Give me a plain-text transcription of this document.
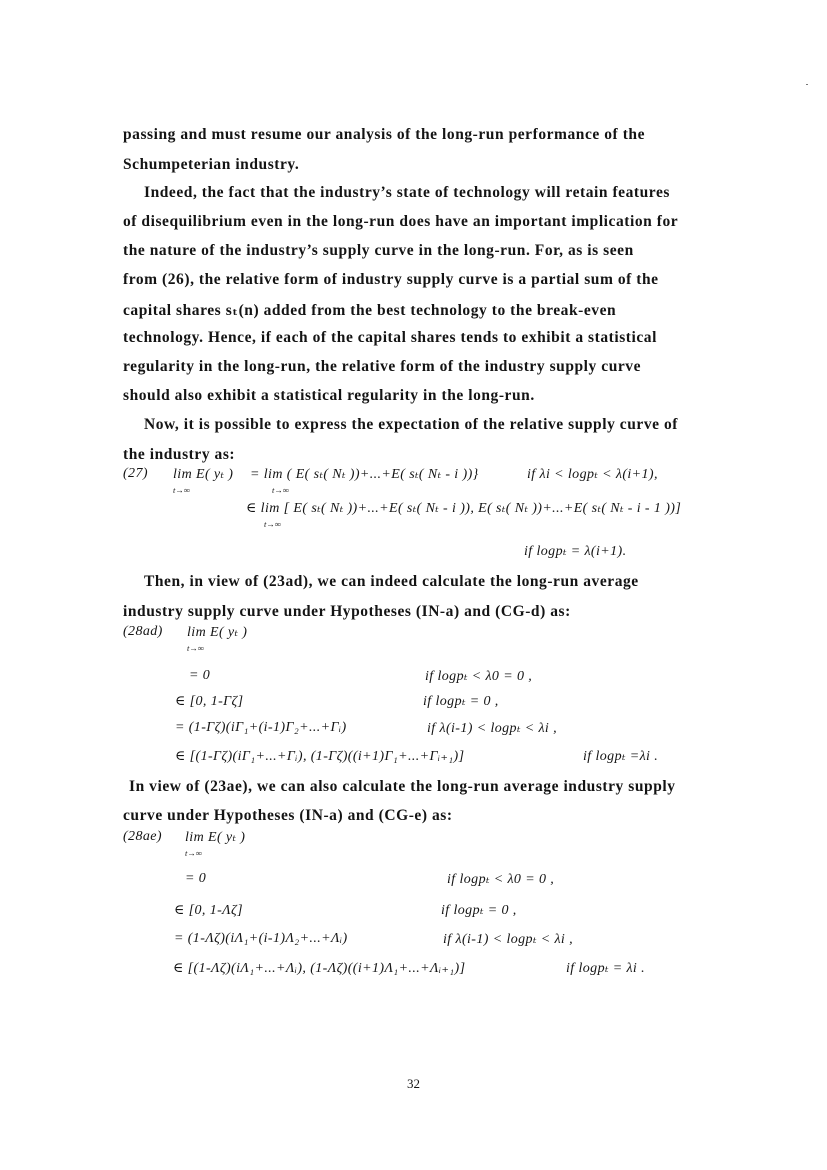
passing and must resume our analysis of the long-run performance of the
Schumpeterian industry.
Indeed, the fact that the industry’s state of technology will retain features
of disequilibrium even in the long-run does have an important implication for
the nature of the industry’s supply curve in the long-run. For, as is seen
from (26), the relative form of industry supply curve is a partial sum of the
capital shares sₜ(n) added from the best technology to the break-even
technology. Hence, if each of the capital shares tends to exhibit a statistical
regularity in the long-run, the relative form of the industry supply curve
should also exhibit a statistical regularity in the long-run.
Now, it is possible to express the expectation of the relative supply curve of
the industry as:
(27) lim E( yₜ )
t→∞
= lim ( E( sₜ( Nₜ ))+...+E( sₜ( Nₜ - i ))}
t→∞
if λi < logpₜ < λ(i+1),
∈ lim [ E( sₜ( Nₜ ))+...+E( sₜ( Nₜ - i )), E( sₜ( Nₜ ))+...+E( sₜ( Nₜ - i - 1 ))]
t→∞
if logpₜ = λ(i+1).
Then, in view of (23ad), we can indeed calculate the long-run average
industry supply curve under Hypotheses (IN-a) and (CG-d) as:
(28ad) lim E( yₜ )
t→∞
= 0	if logpₜ < λ0 = 0 ,
∈ [0, 1-Γζ]	if logpₜ = 0 ,
= (1-Γζ)(iΓ₁+(i-1)Γ₂+...+Γᵢ)	if λ(i-1) < logpₜ < λi ,
∈ [(1-Γζ)(iΓ₁+...+Γᵢ), (1-Γζ)((i+1)Γ₁+...+Γᵢ₊₁)]	if logpₜ =λi .
In view of (23ae), we can also calculate the long-run average industry supply
curve under Hypotheses (IN-a) and (CG-e) as:
(28ae) lim E( yₜ )
t→∞
= 0	if logpₜ < λ0 = 0 ,
∈ [0, 1-Λζ]	if logpₜ = 0 ,
= (1-Λζ)(iΛ₁+(i-1)Λ₂+...+Λᵢ)	if λ(i-1) < logpₜ < λi ,
∈ [(1-Λζ)(iΛ₁+...+Λᵢ), (1-Λζ)((i+1)Λ₁+...+Λᵢ₊₁)]	if logpₜ = λi .
32
